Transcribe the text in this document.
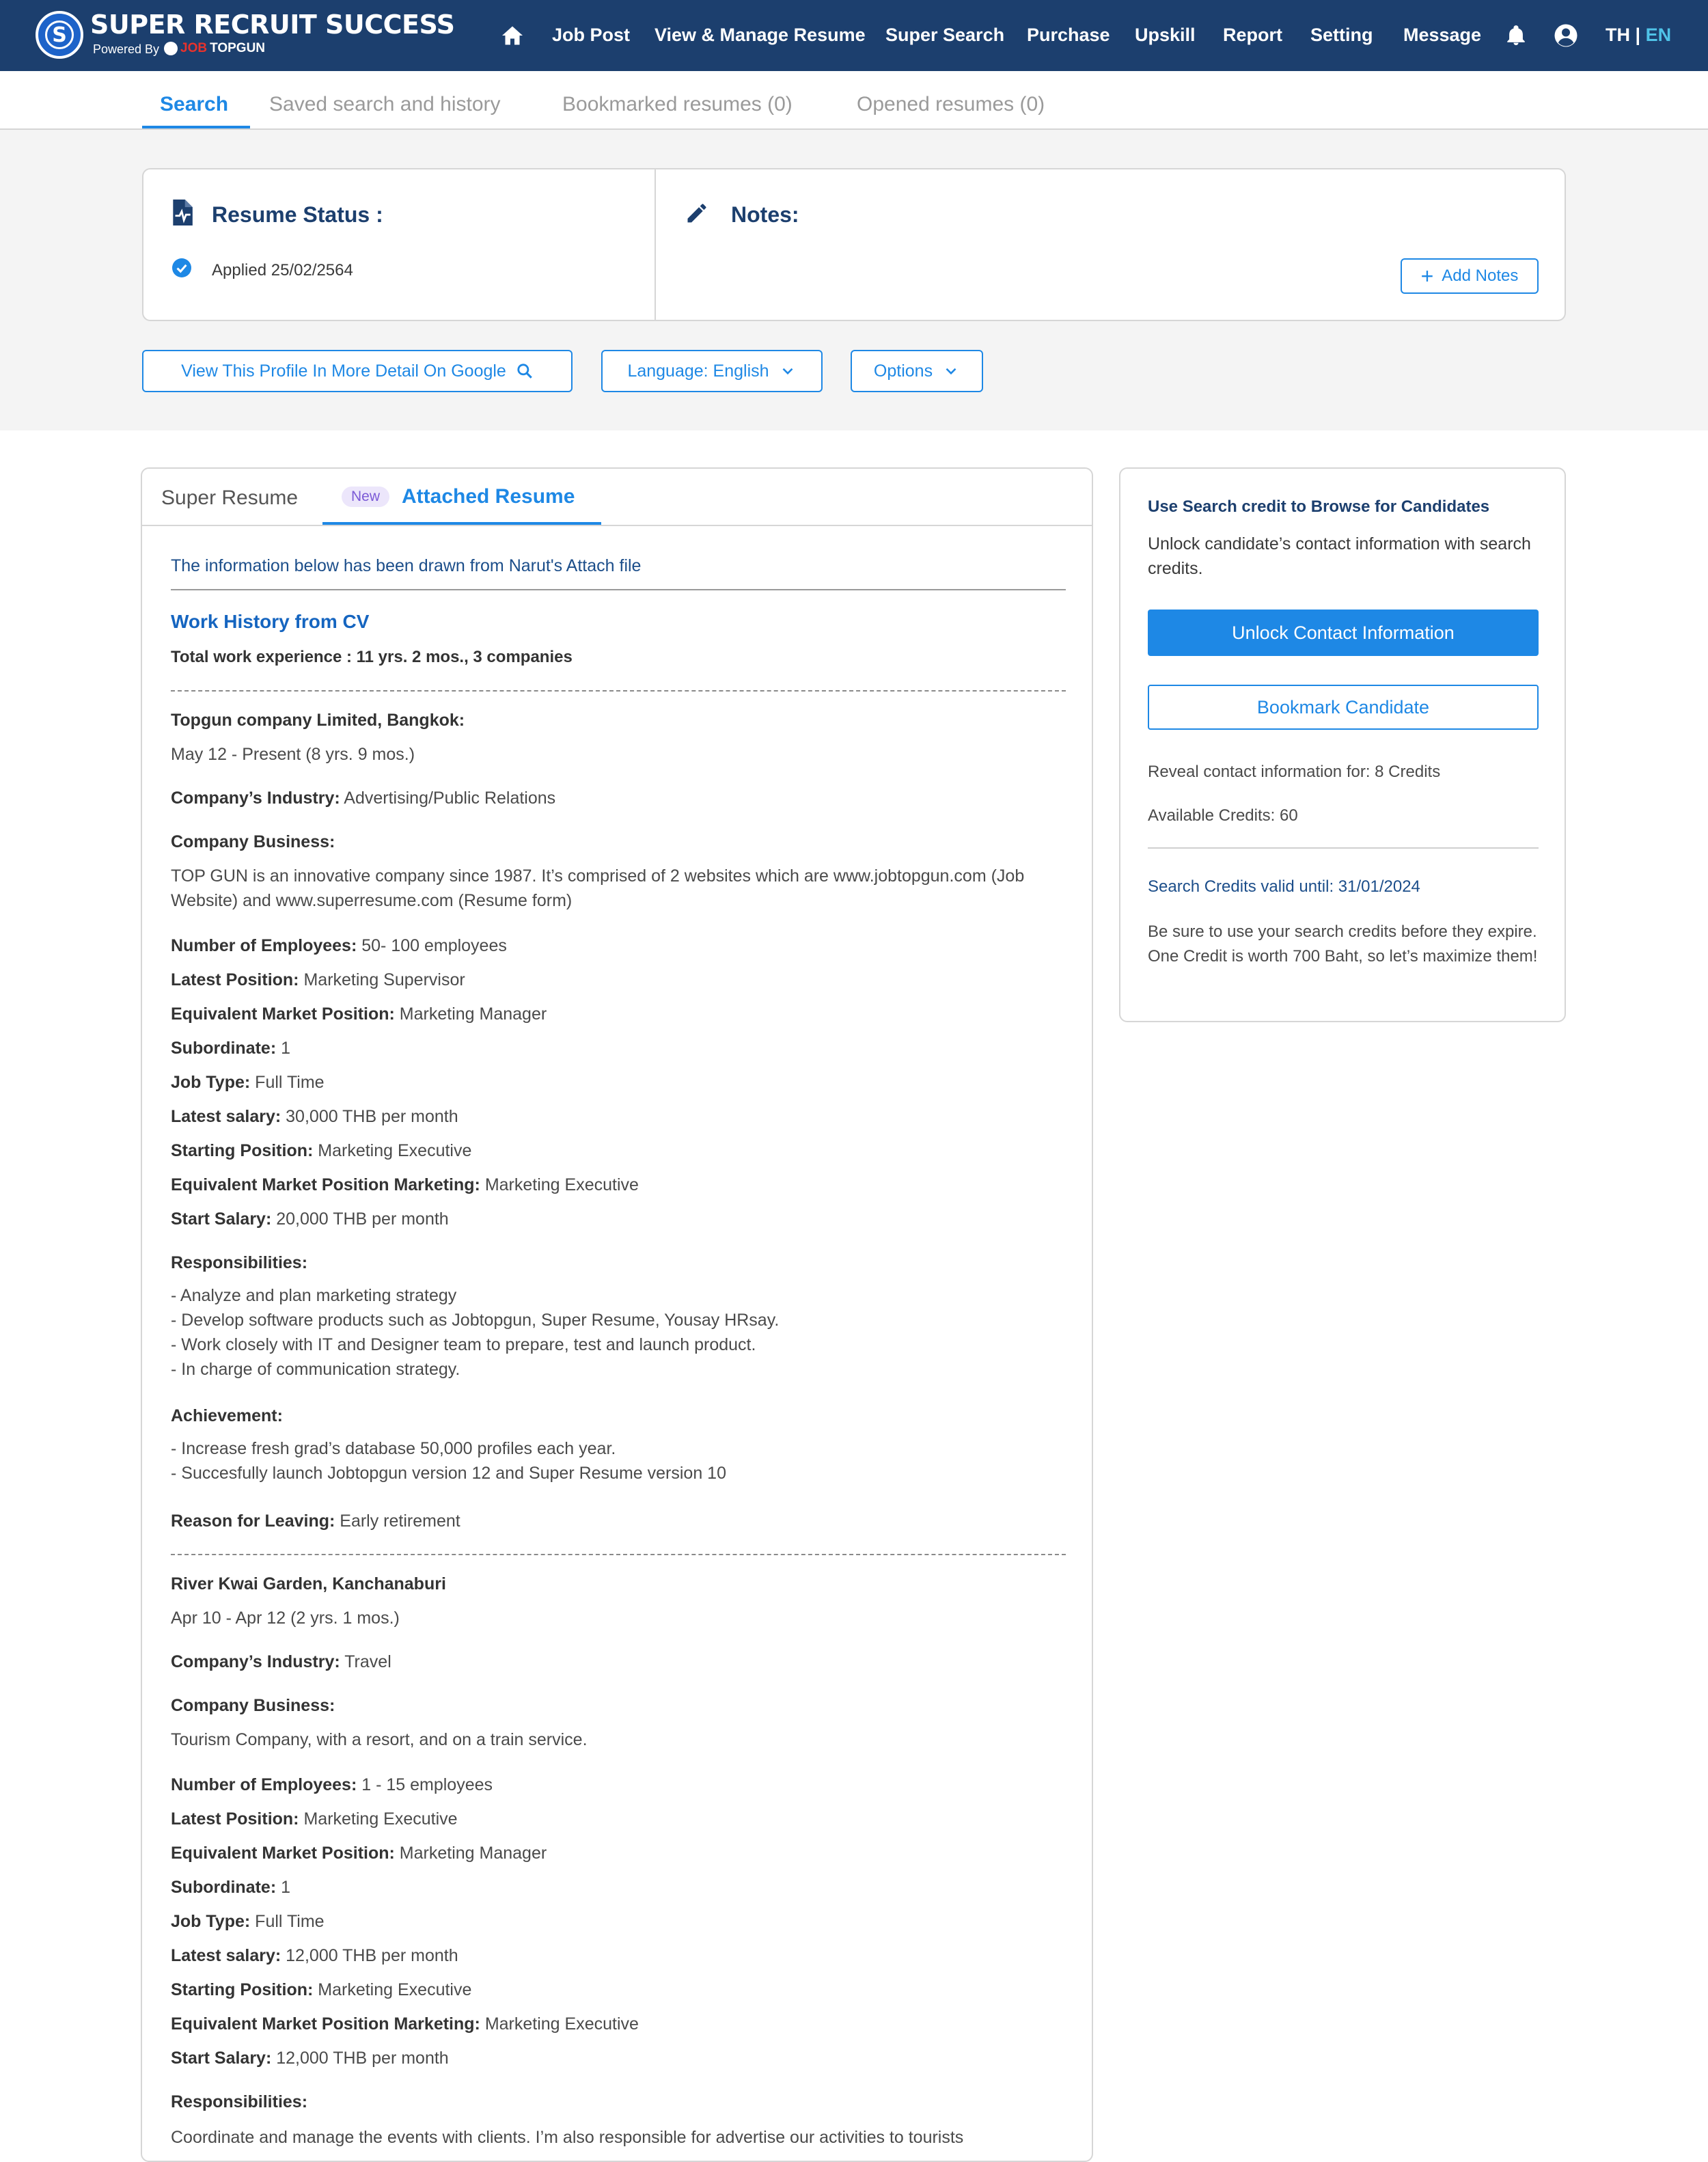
S SUPER RECRUIT SUCCESS
Powered By JOB TOPGUN
Job Post View & Manage Resume Super Search Purchase Upskill Report Setting Message	TH | EN
Search Saved search and history	Bookmarked resumes (0)	Opened resumes (0)
Resume Status :
Applied 25/02/2564
Notes:
+ Add Notes
View This Profile In More Detail On Google	Language: English	Options
Super Resume	New	Attached Resume
The information below has been drawn from Narut's Attach file
Work History from CV
Total work experience : 11 yrs. 2 mos., 3 companies
Topgun company Limited, Bangkok:
May 12 - Present (8 yrs. 9 mos.)
Company’s Industry: Advertising/Public Relations
Company Business:
TOP GUN is an innovative company since 1987. It’s comprised of 2 websites which are www.jobtopgun.com (Job Website) and www.superresume.com (Resume form)
Number of Employees: 50- 100 employees
Latest Position: Marketing Supervisor
Equivalent Market Position: Marketing Manager
Subordinate: 1
Job Type: Full Time
Latest salary: 30,000 THB per month
Starting Position: Marketing Executive
Equivalent Market Position Marketing: Marketing Executive
Start Salary: 20,000 THB per month
Responsibilities:
- Analyze and plan marketing strategy
- Develop software products such as Jobtopgun, Super Resume, Yousay HRsay.
- Work closely with IT and Designer team to prepare, test and launch product.
- In charge of communication strategy.
Achievement:
- Increase fresh grad’s database 50,000 profiles each year.
- Succesfully launch Jobtopgun version 12 and Super Resume version 10
Reason for Leaving: Early retirement
River Kwai Garden, Kanchanaburi
Apr 10 - Apr 12 (2 yrs. 1 mos.)
Company’s Industry: Travel
Company Business:
Tourism Company, with a resort, and on a train service.
Number of Employees: 1 - 15 employees
Latest Position: Marketing Executive
Equivalent Market Position: Marketing Manager
Subordinate: 1
Job Type: Full Time
Latest salary: 12,000 THB per month
Starting Position: Marketing Executive
Equivalent Market Position Marketing: Marketing Executive
Start Salary: 12,000 THB per month
Responsibilities:
Coordinate and manage the events with clients. I’m also responsible for advertise our activities to tourists
Use Search credit to Browse for Candidates
Unlock candidate’s contact information with search credits.
Unlock Contact Information
Bookmark Candidate
Reveal contact information for: 8 Credits
Available Credits: 60
Search Credits valid until: 31/01/2024
Be sure to use your search credits before they expire. One Credit is worth 700 Baht, so let’s maximize them!
